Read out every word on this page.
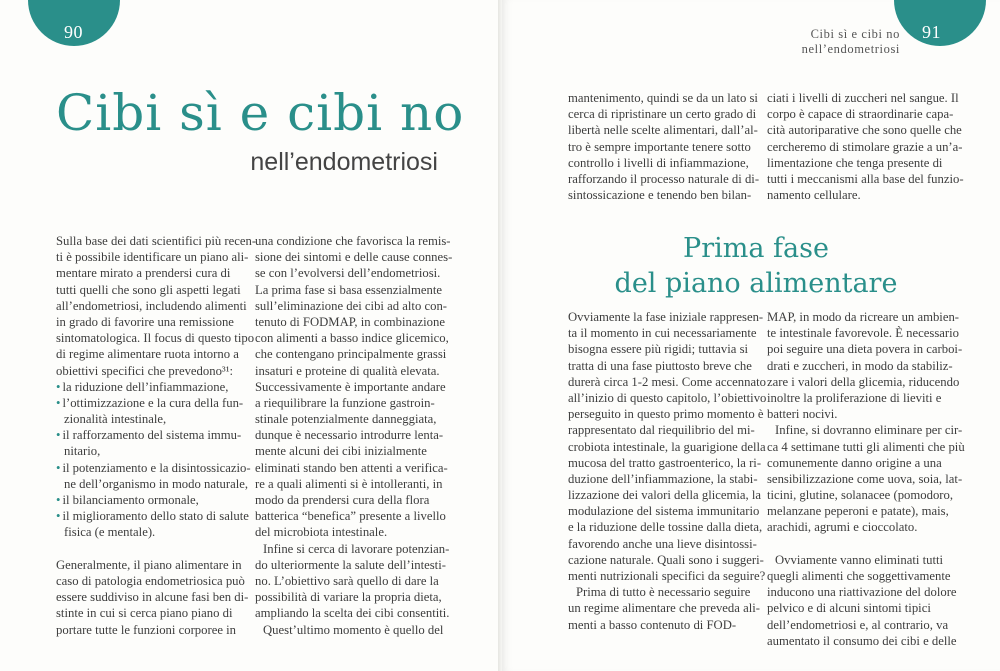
90	91
Cibi sì e cibi no nell’endometriosi
Cibi sì e cibi no
nell’endometriosi
Prima fase
del piano alimentare
Sulla base dei dati scientifici più recen-
ti è possibile identificare un piano ali-
mentare mirato a prendersi cura di
tutti quelli che sono gli aspetti legati
all’endometriosi, includendo alimenti
in grado di favorire una remissione
sintomatologica. Il focus di questo tipo
di regime alimentare ruota intorno a
obiettivi specifici che prevedono³¹:
• la riduzione dell’infiammazione,
• l’ottimizzazione e la cura della fun-
zionalità intestinale,
• il rafforzamento del sistema immu-
nitario,
• il potenziamento e la disintossicazio-
ne dell’organismo in modo naturale,
• il bilanciamento ormonale,
• il miglioramento dello stato di salute
fisica (e mentale).
Generalmente, il piano alimentare in
caso di patologia endometriosica può
essere suddiviso in alcune fasi ben di-
stinte in cui si cerca piano piano di
portare tutte le funzioni corporee in
una condizione che favorisca la remis-
sione dei sintomi e delle cause connes-
se con l’evolversi dell’endometriosi.
La prima fase si basa essenzialmente
sull’eliminazione dei cibi ad alto con-
tenuto di FODMAP, in combinazione
con alimenti a basso indice glicemico,
che contengano principalmente grassi
insaturi e proteine di qualità elevata.
Successivamente è importante andare
a riequilibrare la funzione gastroin-
stinale potenzialmente danneggiata,
dunque è necessario introdurre lenta-
mente alcuni dei cibi inizialmente
eliminati stando ben attenti a verifica-
re a quali alimenti si è intolleranti, in
modo da prendersi cura della flora
batterica “benefica” presente a livello
del microbiota intestinale.
Infine si cerca di lavorare potenzian-
do ulteriormente la salute dell’intesti-
no. L’obiettivo sarà quello di dare la
possibilità di variare la propria dieta,
ampliando la scelta dei cibi consentiti.
Quest’ultimo momento è quello del
mantenimento, quindi se da un lato si
cerca di ripristinare un certo grado di
libertà nelle scelte alimentari, dall’al-
tro è sempre importante tenere sotto
controllo i livelli di infiammazione,
rafforzando il processo naturale di di-
sintossicazione e tenendo ben bilan-
ciati i livelli di zuccheri nel sangue. Il
corpo è capace di straordinarie capa-
cità autoriparative che sono quelle che
cercheremo di stimolare grazie a un’a-
limentazione che tenga presente di
tutti i meccanismi alla base del funzio-
namento cellulare.
Ovviamente la fase iniziale rappresen-
ta il momento in cui necessariamente
bisogna essere più rigidi; tuttavia si
tratta di una fase piuttosto breve che
durerà circa 1-2 mesi. Come accennato
all’inizio di questo capitolo, l’obiettivo
perseguito in questo primo momento è
rappresentato dal riequilibrio del mi-
crobiota intestinale, la guarigione della
mucosa del tratto gastroenterico, la ri-
duzione dell’infiammazione, la stabi-
lizzazione dei valori della glicemia, la
modulazione del sistema immunitario
e la riduzione delle tossine dalla dieta,
favorendo anche una lieve disintossi-
cazione naturale. Quali sono i suggeri-
menti nutrizionali specifici da seguire?
Prima di tutto è necessario seguire
un regime alimentare che preveda ali-
menti a basso contenuto di FOD-
MAP, in modo da ricreare un ambien-
te intestinale favorevole. È necessario
poi seguire una dieta povera in carboi-
drati e zuccheri, in modo da stabiliz-
zare i valori della glicemia, riducendo
inoltre la proliferazione di lieviti e
batteri nocivi.
Infine, si dovranno eliminare per cir-
ca 4 settimane tutti gli alimenti che più
comunemente danno origine a una
sensibilizzazione come uova, soia, lat-
ticini, glutine, solanacee (pomodoro,
melanzane peperoni e patate), mais,
arachidi, agrumi e cioccolato.
Ovviamente vanno eliminati tutti
quegli alimenti che soggettivamente
inducono una riattivazione del dolore
pelvico e di alcuni sintomi tipici
dell’endometriosi e, al contrario, va
aumentato il consumo dei cibi e delle
